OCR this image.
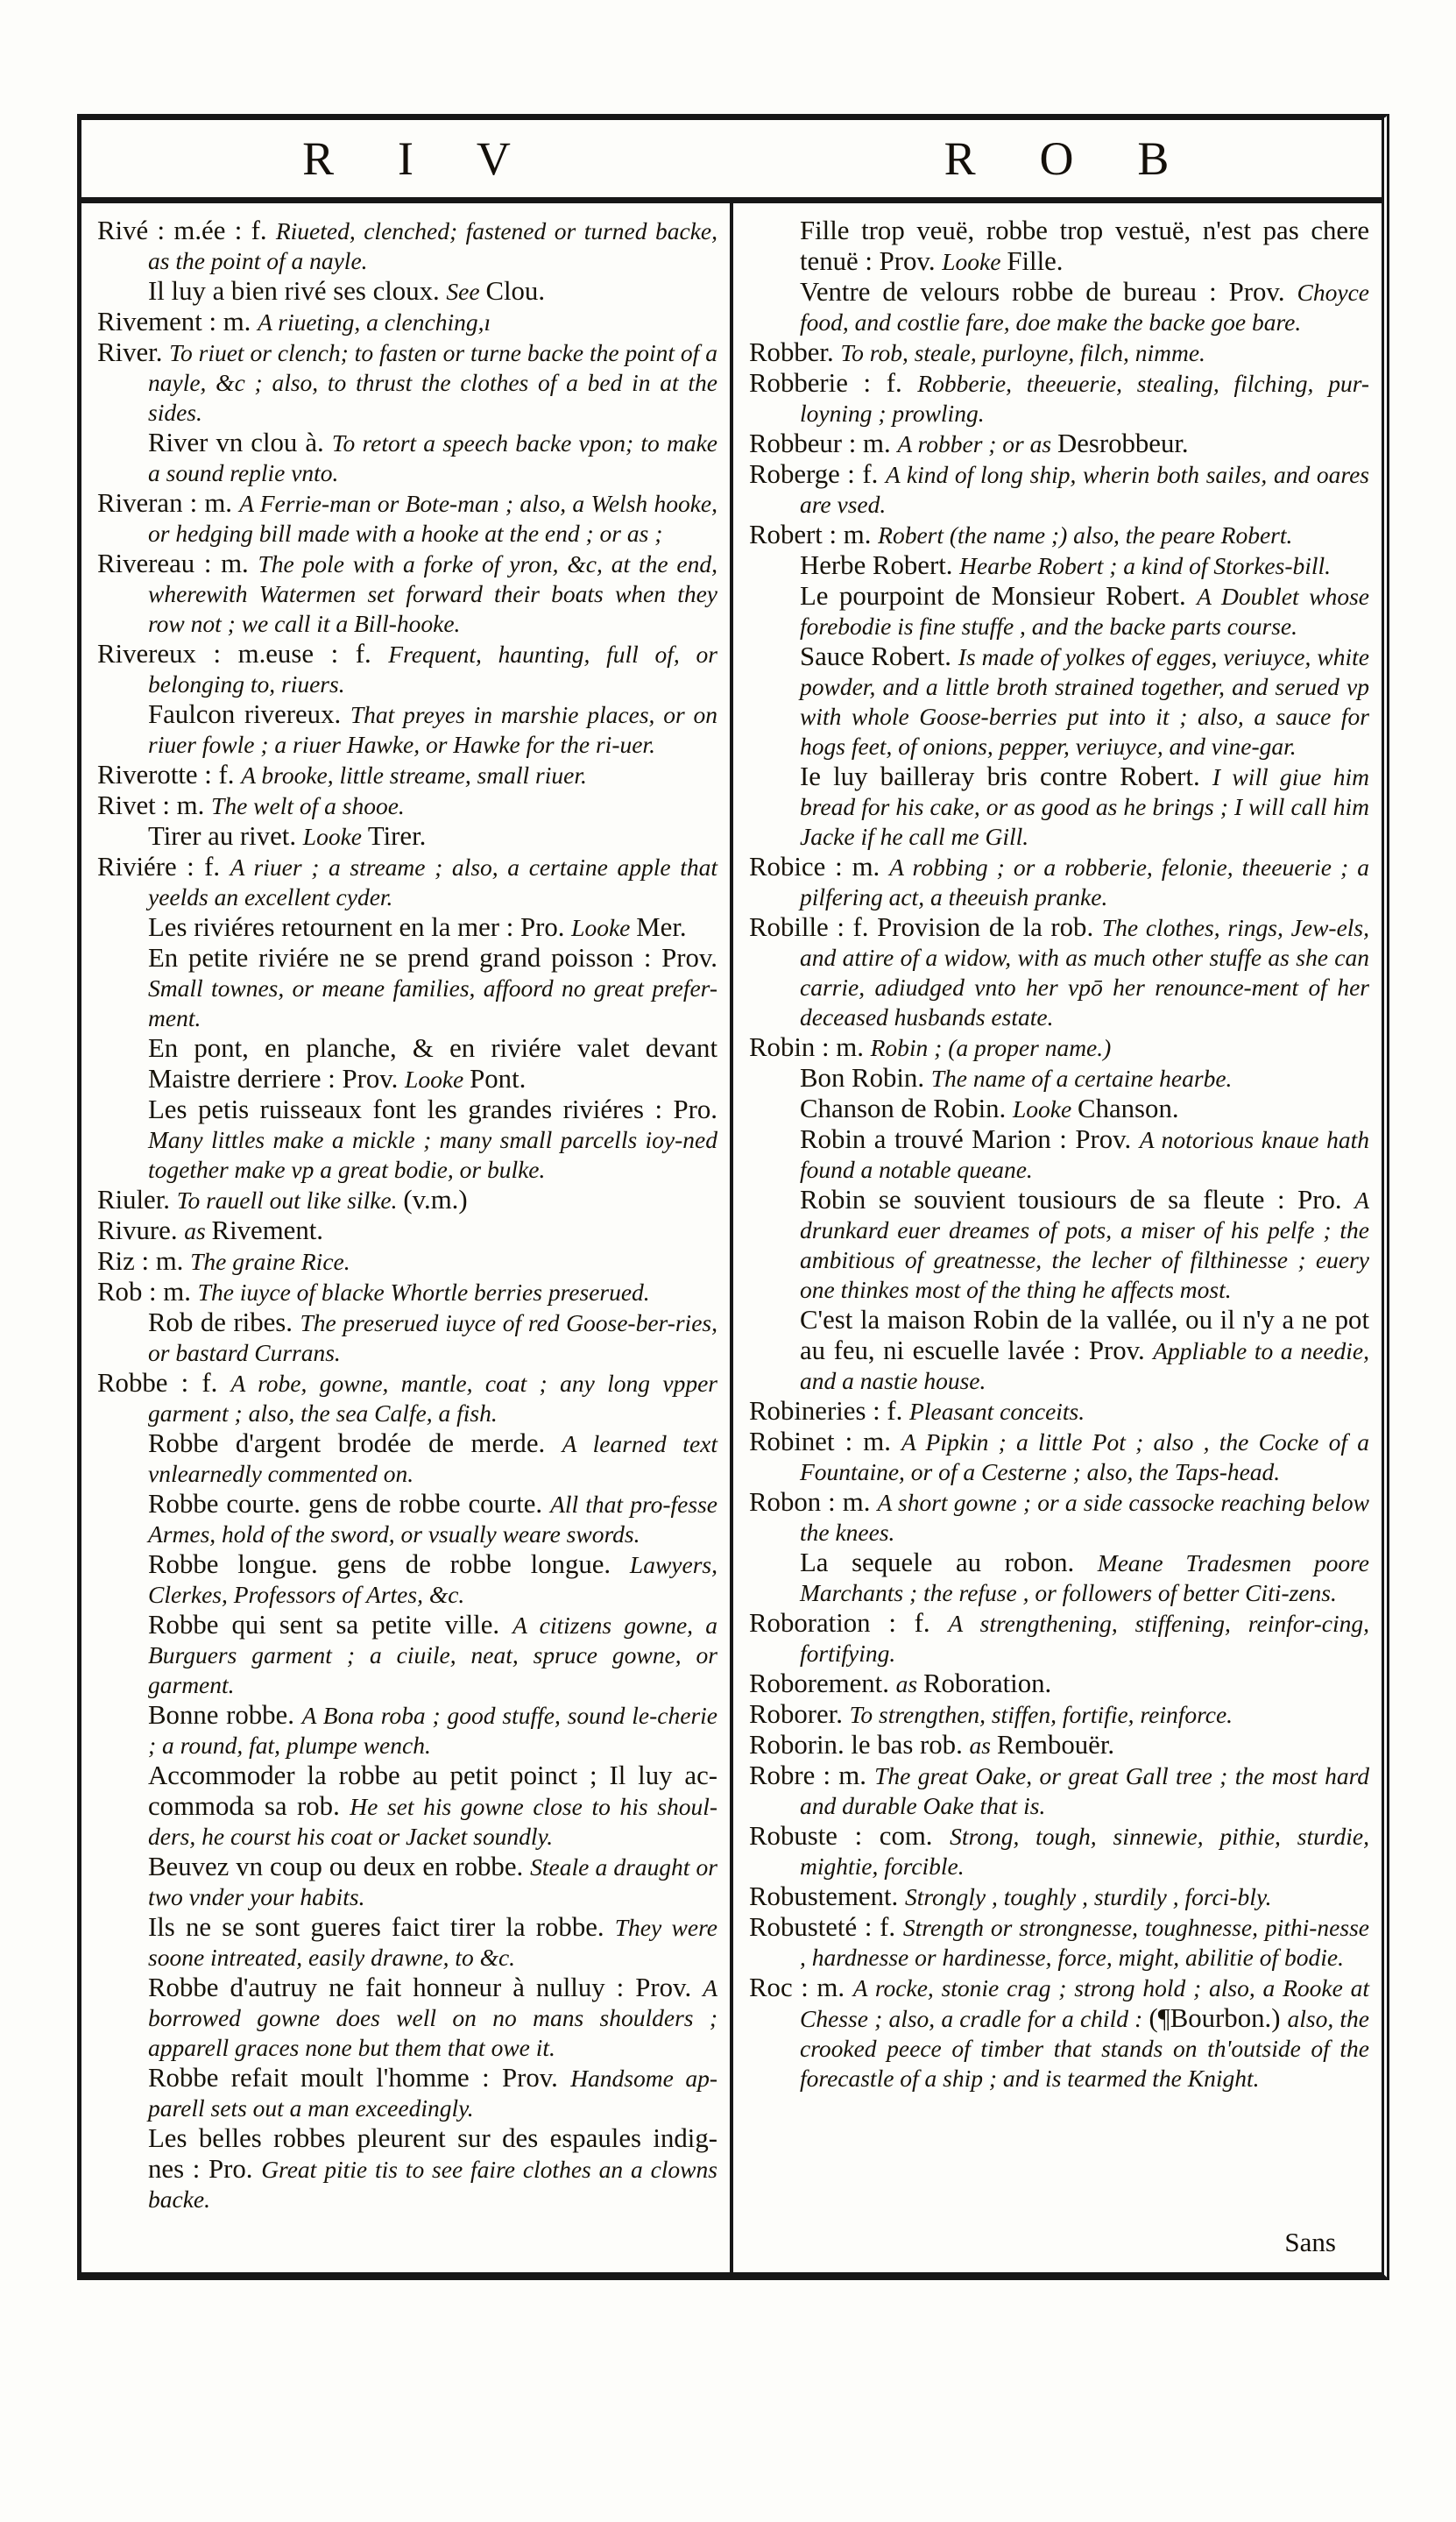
R I V	R O B

Rivé : m.ée : f. Riueted, clenched; fastened or turned backe, as the point of a nayle.

Il luy a bien rivé ses cloux. See Clou.

Rivement : m. A riueting, a clenching,ı

River. To riuet or clench; to fasten or turne backe the point of a nayle, &c ; also, to thrust the clothes of a bed in at the sides.

River vn clou à. To retort a speech backe vpon; to make a sound replie vnto.

Riveran : m. A Ferrie-man or Bote-man ; also, a Welsh hooke, or hedging bill made with a hooke at the end ; or as ;

Rivereau : m. The pole with a forke of yron, &c, at the end, wherewith Watermen set forward their boats when they row not ; we call it a Bill-hooke.

Rivereux : m.euse : f. Frequent, haunting, full of, or belonging to, riuers.

Faulcon rivereux. That preyes in marshie places, or on riuer fowle ; a riuer Hawke, or Hawke for the ri-uer.

Riverotte : f. A brooke, little streame, small riuer.

Rivet : m. The welt of a shooe.

Tirer au rivet. Looke Tirer.

Riviére : f. A riuer ; a streame ; also, a certaine apple that yeelds an excellent cyder.

Les riviéres retournent en la mer : Pro. Looke Mer.

En petite riviére ne se prend grand poisson : Prov. Small townes, or meane families, affoord no great prefer-ment.

En pont, en planche, & en riviére valet devant Maistre derriere : Prov. Looke Pont.

Les petis ruisseaux font les grandes riviéres : Pro. Many littles make a mickle ; many small parcells ioy-ned together make vp a great bodie, or bulke.

Riuler. To rauell out like silke. (v.m.)

Rivure. as Rivement.

Riz : m. The graine Rice.

Rob : m. The iuyce of blacke Whortle berries preserued.

Rob de ribes. The preserued iuyce of red Goose-ber-ries, or bastard Currans.

Robbe : f. A robe, gowne, mantle, coat ; any long vpper garment ; also, the sea Calfe, a fish.

Robbe d'argent brodée de merde. A learned text vnlearnedly commented on.

Robbe courte. gens de robbe courte. All that pro-fesse Armes, hold of the sword, or vsually weare swords.

Robbe longue. gens de robbe longue. Lawyers, Clerkes, Professors of Artes, &c.

Robbe qui sent sa petite ville. A citizens gowne, a Burguers garment ; a ciuile, neat, spruce gowne, or garment.

Bonne robbe. A Bona roba ; good stuffe, sound le-cherie ; a round, fat, plumpe wench.

Accommoder la robbe au petit poinct ; Il luy ac-commoda sa rob. He set his gowne close to his shoul-ders, he courst his coat or Jacket soundly.

Beuvez vn coup ou deux en robbe. Steale a draught or two vnder your habits.

Ils ne se sont gueres faict tirer la robbe. They were soone intreated, easily drawne, to &c.

Robbe d'autruy ne fait honneur à nulluy : Prov. A borrowed gowne does well on no mans shoulders ; apparell graces none but them that owe it.

Robbe refait moult l'homme : Prov. Handsome ap-parell sets out a man exceedingly.

Les belles robbes pleurent sur des espaules indig-nes : Pro. Great pitie tis to see faire clothes an a clowns backe.

Fille trop veuë, robbe trop vestuë, n'est pas chere tenuë : Prov. Looke Fille.

Ventre de velours robbe de bureau : Prov. Choyce food, and costlie fare, doe make the backe goe bare.

Robber. To rob, steale, purloyne, filch, nimme.

Robberie : f. Robberie, theeuerie, stealing, filching, pur-loyning ; prowling.

Robbeur : m. A robber ; or as Desrobbeur.

Roberge : f. A kind of long ship, wherin both sailes, and oares are vsed.

Robert : m. Robert (the name ;) also, the peare Robert.

Herbe Robert. Hearbe Robert ; a kind of Storkes-bill.

Le pourpoint de Monsieur Robert. A Doublet whose forebodie is fine stuffe , and the backe parts course.

Sauce Robert. Is made of yolkes of egges, veriuyce, white powder, and a little broth strained together, and serued vp with whole Goose-berries put into it ; also, a sauce for hogs feet, of onions, pepper, veriuyce, and vine-gar.

Ie luy bailleray bris contre Robert. I will giue him bread for his cake, or as good as he brings ; I will call him Jacke if he call me Gill.

Robice : m. A robbing ; or a robberie, felonie, theeuerie ; a pilfering act, a theeuish pranke.

Robille : f. Provision de la rob. The clothes, rings, Jew-els, and attire of a widow, with as much other stuffe as she can carrie, adiudged vnto her vpō her renounce-ment of her deceased husbands estate.

Robin : m. Robin ; (a proper name.)

Bon Robin. The name of a certaine hearbe.

Chanson de Robin. Looke Chanson.

Robin a trouvé Marion : Prov. A notorious knaue hath found a notable queane.

Robin se souvient tousiours de sa fleute : Pro. A drunkard euer dreames of pots, a miser of his pelfe ; the ambitious of greatnesse, the lecher of filthinesse ; euery one thinkes most of the thing he affects most.

C'est la maison Robin de la vallée, ou il n'y a ne pot au feu, ni escuelle lavée : Prov. Appliable to a needie, and a nastie house.

Robineries : f. Pleasant conceits.

Robinet : m. A Pipkin ; a little Pot ; also , the Cocke of a Fountaine, or of a Cesterne ; also, the Taps-head.

Robon : m. A short gowne ; or a side cassocke reaching below the knees.

La sequele au robon. Meane Tradesmen poore Marchants ; the refuse , or followers of better Citi-zens.

Roboration : f. A strengthening, stiffening, reinfor-cing, fortifying.

Roborement. as Roboration.

Roborer. To strengthen, stiffen, fortifie, reinforce.

Roborin. le bas rob. as Rembouër.

Robre : m. The great Oake, or great Gall tree ; the most hard and durable Oake that is.

Robuste : com. Strong, tough, sinnewie, pithie, sturdie, mightie, forcible.

Robustement. Strongly , toughly , sturdily , forci-bly.

Robusteté : f. Strength or strongnesse, toughnesse, pithi-nesse , hardnesse or hardinesse, force, might, abilitie of bodie.

Roc : m. A rocke, stonie crag ; strong hold ; also, a Rooke at Chesse ; also, a cradle for a child : (¶Bourbon.) also, the crooked peece of timber that stands on th'outside of the forecastle of a ship ; and is tearmed the Knight.

Sans
